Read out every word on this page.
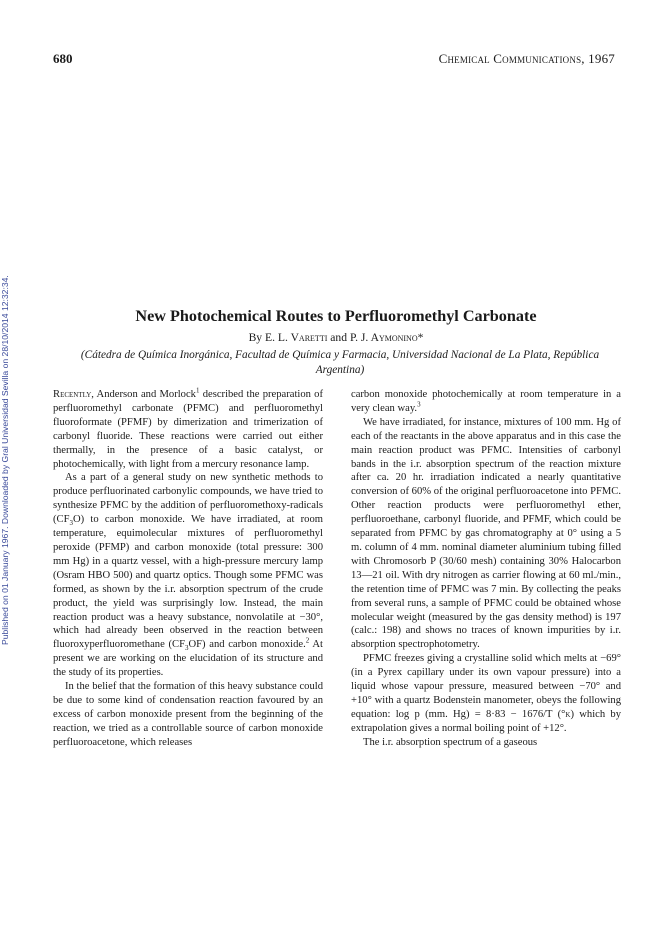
680	Chemical Communications, 1967
Published on 01 January 1967. Downloaded by Gral Universidad Sevilla on 28/10/2014 12:32:34.	New Photochemical Routes to Perfluoromethyl Carbonate
By E. L. Varetti and P. J. Aymonino*
(Cátedra de Química Inorgánica, Facultad de Química y Farmacia, Universidad Nacional de La Plata, República Argentina)

Recently, Anderson and Morlock$^1$ described the preparation of perfluoromethyl carbonate (PFMC) and perfluoromethyl fluoroformate (PFMF) by dimerization and trimerization of carbonyl fluoride. These reactions were carried out either thermally, in the presence of a basic catalyst, or photochemically, with light from a mercury resonance lamp.

As a part of a general study on new synthetic methods to produce perfluorinated carbonylic compounds, we have tried to synthesize PFMC by the addition of perfluoromethoxy-radicals $(CF_3O)$ to carbon monoxide. We have irradiated, at room temperature, equimolecular mixtures of perfluoromethyl peroxide (PFMP) and carbon monoxide (total pressure: 300 mm Hg) in a quartz vessel, with a high-pressure mercury lamp (Osram HBO 500) and quartz optics. Though some PFMC was formed, as shown by the i.r. absorption spectrum of the crude product, the yield was surprisingly low. Instead, the main reaction product was a heavy substance, nonvolatile at −30°, which had already been observed in the reaction between fluoroxyperfluoromethane $(CF_3OF)$ and carbon monoxide.$^2$ At present we are working on the elucidation of its structure and the study of its properties.

In the belief that the formation of this heavy substance could be due to some kind of condensation reaction favoured by an excess of carbon monoxide present from the beginning of the reaction, we tried as a controllable source of carbon monoxide perfluoroacetone, which releases

carbon monoxide photochemically at room temperature in a very clean way.$^3$

We have irradiated, for instance, mixtures of 100 mm. Hg of each of the reactants in the above apparatus and in this case the main reaction product was PFMC. Intensities of carbonyl bands in the i.r. absorption spectrum of the reaction mixture after ca. 20 hr. irradiation indicated a nearly quantitative conversion of 60% of the original perfluoroacetone into PFMC. Other reaction products were perfluoromethyl ether, perfluoroethane, carbonyl fluoride, and PFMF, which could be separated from PFMC by gas chromatography at 0° using a 5 m. column of 4 mm. nominal diameter aluminium tubing filled with Chromosorb P (30/60 mesh) containing 30% Halocarbon 13—21 oil. With dry nitrogen as carrier flowing at 60 ml./min., the retention time of PFMC was 7 min. By collecting the peaks from several runs, a sample of PFMC could be obtained whose molecular weight (measured by the gas density method) is 197 (calc.: 198) and shows no traces of known impurities by i.r. absorption spectrophotometry.

PFMC freezes giving a crystalline solid which melts at −69° (in a Pyrex capillary under its own vapour pressure) into a liquid whose vapour pressure, measured between −70° and +10° with a quartz Bodenstein manometer, obeys the following equation: log p (mm. Hg) = 8·83 − 1676/T (°k) which by extrapolation gives a normal boiling point of +12°.

The i.r. absorption spectrum of a gaseous
